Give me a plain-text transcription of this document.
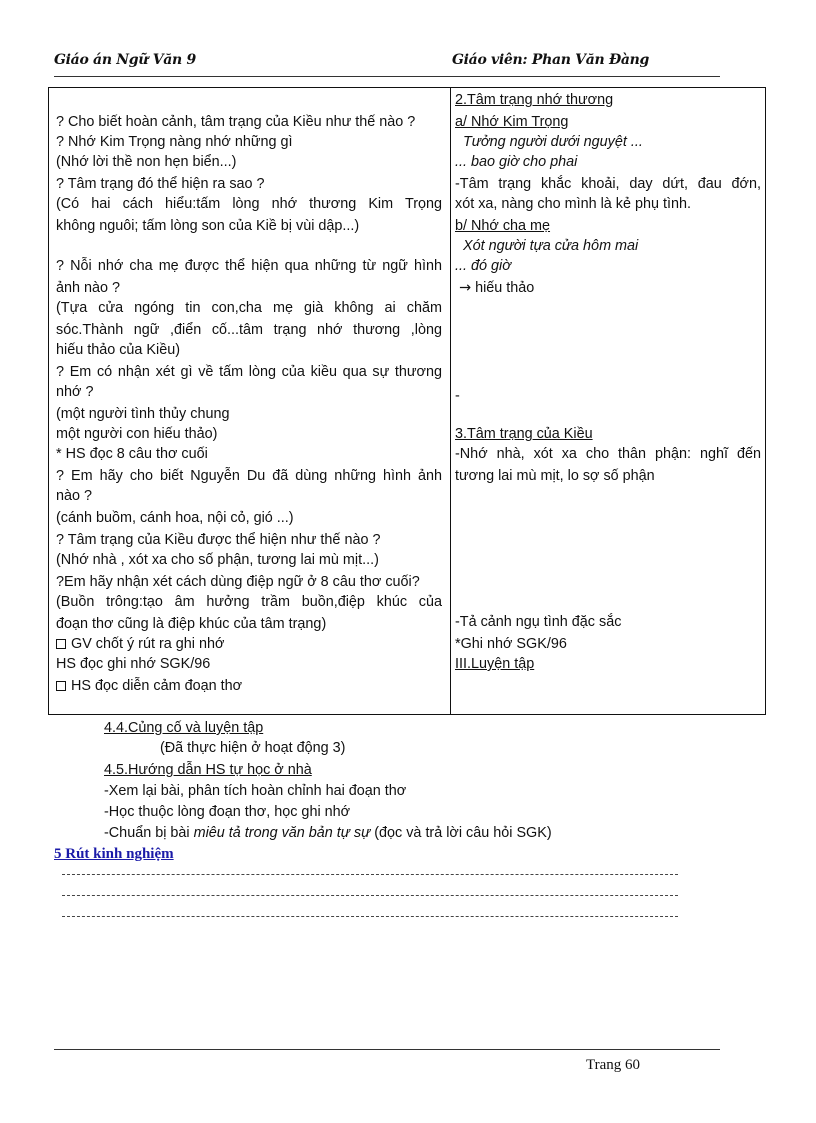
Giáo án Ngữ Văn 9	Giáo viên: Phan Văn Đàng
? Cho biết hoàn cảnh, tâm trạng của Kiều như thế nào ?
? Nhớ Kim Trọng nàng nhớ những gì
(Nhớ lời thề non hẹn biển...)
? Tâm trạng đó thể hiện ra sao ?
(Có hai cách hiểu:tấm lòng nhớ thương Kim Trọng
không nguôi; tấm lòng son của Kiề bị vùi dập...)
? Nỗi nhớ cha mẹ được thể hiện qua những từ ngữ hình
ảnh nào ?
(Tựa cửa ngóng tin con,cha mẹ già không ai chăm
sóc.Thành ngữ ,điển cố...tâm trạng nhớ thương ,lòng
hiếu thảo của Kiều)
? Em có nhận xét gì về tấm lòng của kiều qua sự thương
nhớ ?
(một người tình thủy chung
một người con hiếu thảo)
* HS đọc 8 câu thơ cuối
? Em hãy cho biết Nguyễn Du đã dùng những hình ảnh
nào ?
(cánh buồm, cánh hoa, nội cỏ, gió ...)
? Tâm trạng của Kiều được thể hiện như thế nào ?
(Nhớ nhà , xót xa cho số phận, tương lai mù mịt...)
?Em hãy nhận xét cách dùng điệp ngữ ở 8 câu thơ cuối?
(Buồn trông:tạo âm hưởng trầm buồn,điệp khúc của
đoạn thơ cũng là điệp khúc của tâm trạng)
GV chốt ý rút ra ghi nhớ
HS đọc ghi nhớ SGK/96
HS đọc diễn cảm đoạn thơ
2.Tâm trạng nhớ thương
a/ Nhớ Kim Trọng
Tưởng người dưới nguyệt ...
... bao giờ cho phai
-Tâm trạng khắc khoải, day dứt, đau đớn,
xót xa, nàng cho mình là kẻ phụ tình.
b/ Nhớ cha mẹ
Xót người tựa cửa hôm mai
... đó giờ
→ hiếu thảo
-
3.Tâm trạng của Kiều
-Nhớ nhà, xót xa cho thân phận: nghĩ đến
tương lai mù mịt, lo sợ số phận
-Tả cảnh ngụ tình đặc sắc
*Ghi nhớ SGK/96
III.Luyện tập
4.4.Củng cố và luyện tập
(Đã thực hiện ở hoạt động 3)
4.5.Hướng dẫn HS tự học ở nhà
-Xem lại bài, phân tích hoàn chỉnh hai đoạn thơ
-Học thuộc lòng đoạn thơ, học ghi nhớ
-Chuẩn bị bài miêu tả trong văn bản tự sự (đọc và trả lời câu hỏi SGK)
5 Rút kinh nghiệm
Trang 60
